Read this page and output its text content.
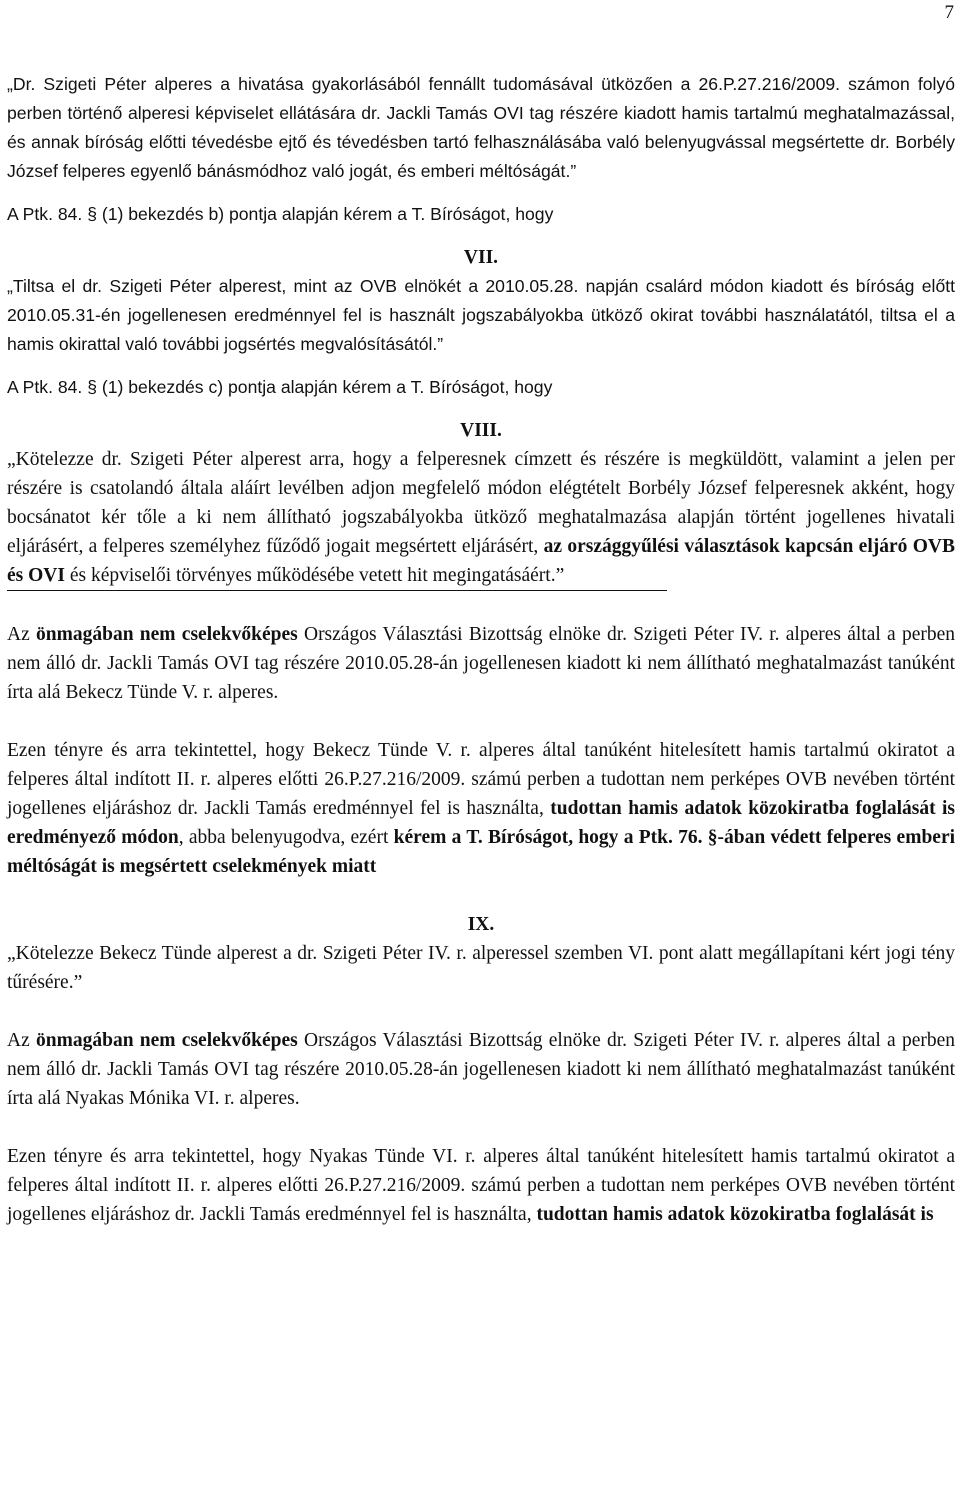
7

„Dr. Szigeti Péter alperes a hivatása gyakorlásából fennállt tudomásával ütközően a 26.P.27.216/2009. számon folyó perben történő alperesi képviselet ellátására dr. Jackli Tamás OVI tag részére kiadott hamis tartalmú meghatalmazással, és annak bíróság előtti tévedésbe ejtő és tévedésben tartó felhasználásába való belenyugvással megsértette dr. Borbély József felperes egyenlő bánásmódhoz való jogát, és emberi méltóságát.”

A Ptk. 84. § (1) bekezdés b) pontja alapján kérem a T. Bíróságot, hogy

VII.

„Tiltsa el dr. Szigeti Péter alperest, mint az OVB elnökét a 2010.05.28. napján csalárd módon kiadott és bíróság előtt 2010.05.31-én jogellenesen eredménnyel fel is használt jogszabályokba ütköző okirat további használatától, tiltsa el a hamis okirattal való további jogsértés megvalósításától.”

A Ptk. 84. § (1) bekezdés c) pontja alapján kérem a T. Bíróságot, hogy

VIII.

„Kötelezze dr. Szigeti Péter alperest arra, hogy a felperesnek címzett és részére is megküldött, valamint a jelen per részére is csatolandó általa aláírt levélben adjon megfelelő módon elégtételt Borbély József felperesnek akként, hogy bocsánatot kér tőle a ki nem állítható jogszabályokba ütköző meghatalmazása alapján történt jogellenes hivatali eljárásért, a felperes személyhez fűződő jogait megsértett eljárásért, az országgyűlési választások kapcsán eljáró OVB és OVI és képviselői törvényes működésébe vetett hit megingatásáért.”

Az önmagában nem cselekvőképes Országos Választási Bizottság elnöke dr. Szigeti Péter IV. r. alperes által a perben nem álló dr. Jackli Tamás OVI tag részére 2010.05.28-án jogellenesen kiadott ki nem állítható meghatalmazást tanúként írta alá Bekecz Tünde V. r. alperes.

Ezen tényre és arra tekintettel, hogy Bekecz Tünde V. r. alperes által tanúként hitelesített hamis tartalmú okiratot a felperes által indított II. r. alperes előtti 26.P.27.216/2009. számú perben a tudottan nem perképes OVB nevében történt jogellenes eljáráshoz dr. Jackli Tamás eredménnyel fel is használta, tudottan hamis adatok közokiratba foglalását is eredményező módon, abba belenyugodva, ezért kérem a T. Bíróságot, hogy a Ptk. 76. §-ában védett felperes emberi méltóságát is megsértett cselekmények miatt

IX.

„Kötelezze Bekecz Tünde alperest a dr. Szigeti Péter IV. r. alperessel szemben VI. pont alatt megállapítani kért jogi tény tűrésére.”

Az önmagában nem cselekvőképes Országos Választási Bizottság elnöke dr. Szigeti Péter IV. r. alperes által a perben nem álló dr. Jackli Tamás OVI tag részére 2010.05.28-án jogellenesen kiadott ki nem állítható meghatalmazást tanúként írta alá Nyakas Mónika VI. r. alperes.

Ezen tényre és arra tekintettel, hogy Nyakas Tünde VI. r. alperes által tanúként hitelesített hamis tartalmú okiratot a felperes által indított II. r. alperes előtti 26.P.27.216/2009. számú perben a tudottan nem perképes OVB nevében történt jogellenes eljáráshoz dr. Jackli Tamás eredménnyel fel is használta, tudottan hamis adatok közokiratba foglalását is
